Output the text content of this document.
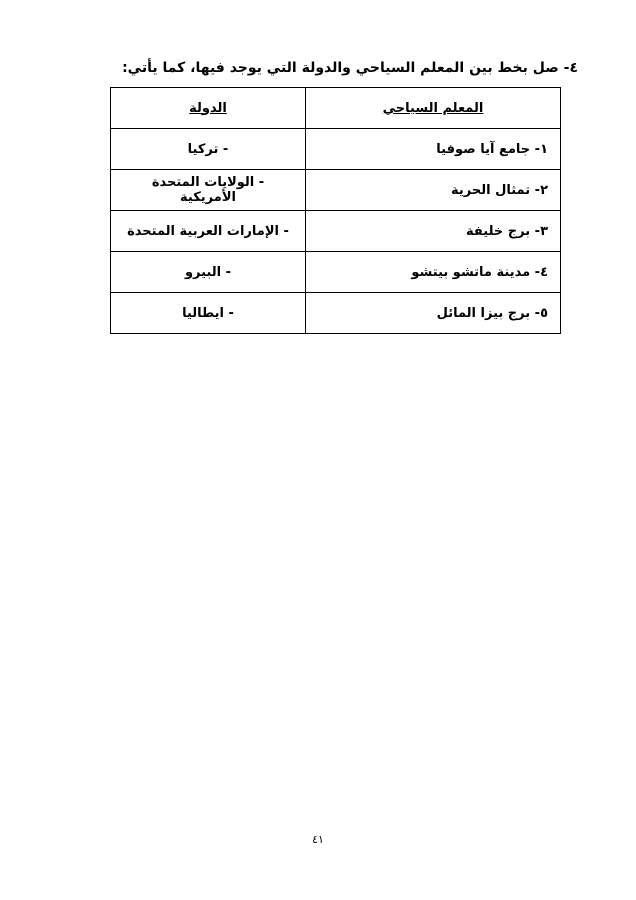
٤- صل بخط بين المعلم السياحي والدولة التي يوجد فيها، كما يأتي:
المعلم السياحي	الدولة
١- جامع آيا صوفيا	- تركيا
٢- تمثال الحرية	- الولايات المتحدة الأمريكية
٣- برج خليفة	- الإمارات العربية المتحدة
٤- مدينة ماتشو بيتشو	- البيرو
٥- برج بيزا المائل	- ايطاليا
٤١
